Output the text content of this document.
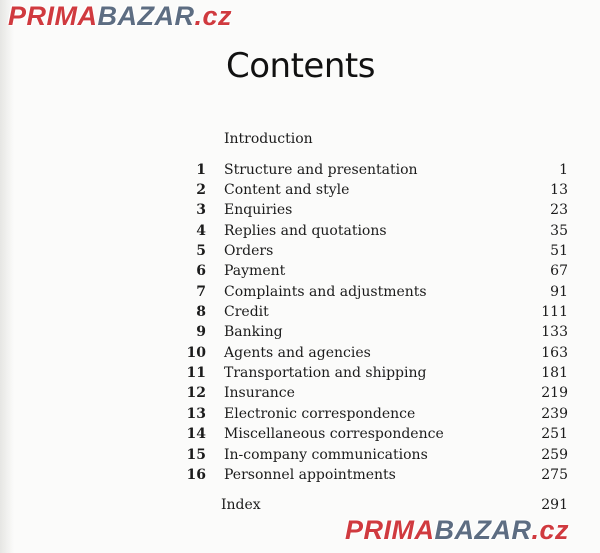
PRIMABAZAR.cz
Contents
Introduction
1 Structure and presentation	1
2 Content and style	13
3 Enquiries	23
4 Replies and quotations	35
5 Orders	51
6 Payment	67
7 Complaints and adjustments	91
8 Credit	111
9 Banking	133
10 Agents and agencies	163
11 Transportation and shipping	181
12 Insurance	219
13 Electronic correspondence	239
14 Miscellaneous correspondence	251
15 In-company communications	259
16 Personnel appointments	275
Index	291
PRIMABAZAR.cz
